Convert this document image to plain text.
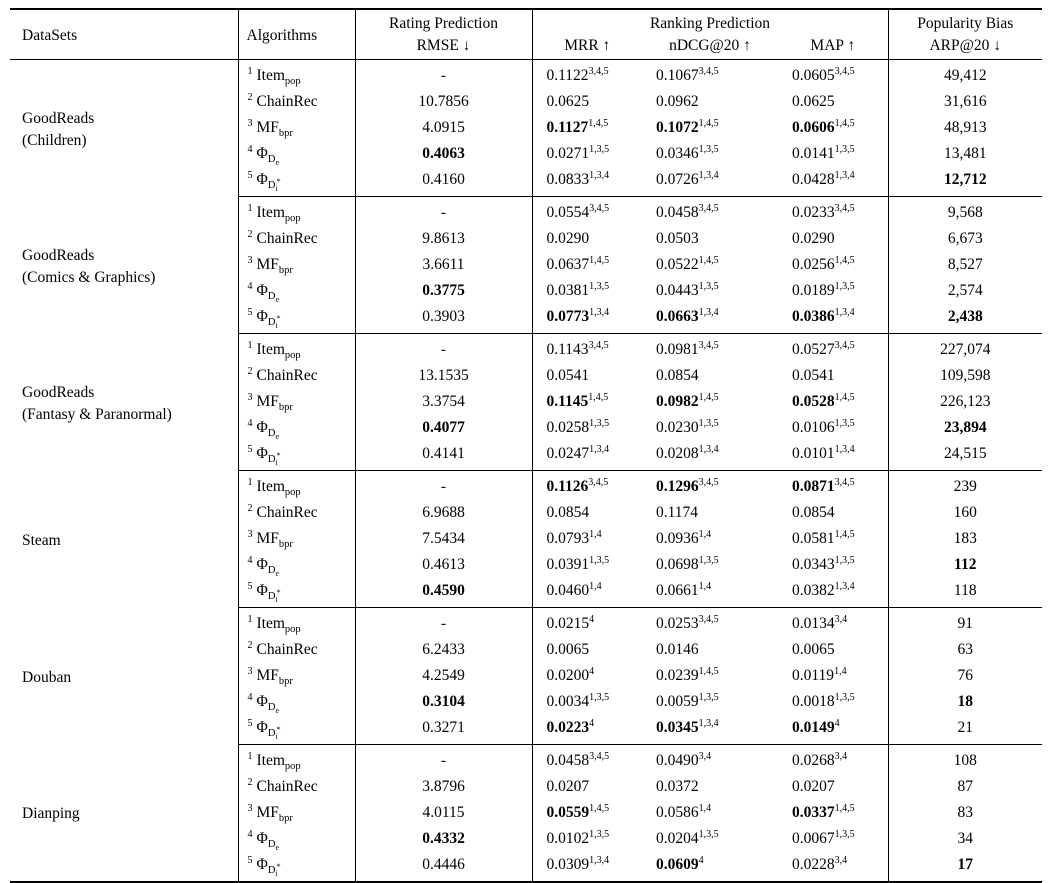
DataSets	Algorithms	Rating Prediction	Ranking Prediction			Popularity Bias
		RMSE ↓	MRR ↑	nDCG@20 ↑	MAP ↑	ARP@20 ↓

GoodReads
(Children)	$^1$ Item$_{pop}$	-	0.1122$^{3,4,5}$	0.1067$^{3,4,5}$	0.0605$^{3,4,5}$	49,412
	$^2$ ChainRec	10.7856	0.0625	0.0962	0.0625	31,616
	$^3$ $MF_{bpr}$	4.0915	0.1127$^{1,4,5}$	0.1072$^{1,4,5}$	0.0606$^{1,4,5}$	48,913
	$^4$ $\Phi_{D_e}$	0.4063	0.0271$^{1,3,5}$	0.0346$^{1,3,5}$	0.0141$^{1,3,5}$	13,481
	$^5$ $\Phi_{D_i^*}$	0.4160	0.0833$^{1,3,4}$	0.0726$^{1,3,4}$	0.0428$^{1,3,4}$	12,712

GoodReads
(Comics & Graphics)	$^1$ Item$_{pop}$	-	0.0554$^{3,4,5}$	0.0458$^{3,4,5}$	0.0233$^{3,4,5}$	9,568
	$^2$ ChainRec	9.8613	0.0290	0.0503	0.0290	6,673
	$^3$ $MF_{bpr}$	3.6611	0.0637$^{1,4,5}$	0.0522$^{1,4,5}$	0.0256$^{1,4,5}$	8,527
	$^4$ $\Phi_{D_e}$	0.3775	0.0381$^{1,3,5}$	0.0443$^{1,3,5}$	0.0189$^{1,3,5}$	2,574
	$^5$ $\Phi_{D_i^*}$	0.3903	0.0773$^{1,3,4}$	0.0663$^{1,3,4}$	0.0386$^{1,3,4}$	2,438

GoodReads
(Fantasy & Paranormal)	$^1$ Item$_{pop}$	-	0.1143$^{3,4,5}$	0.0981$^{3,4,5}$	0.0527$^{3,4,5}$	227,074
	$^2$ ChainRec	13.1535	0.0541	0.0854	0.0541	109,598
	$^3$ $MF_{bpr}$	3.3754	0.1145$^{1,4,5}$	0.0982$^{1,4,5}$	0.0528$^{1,4,5}$	226,123
	$^4$ $\Phi_{D_e}$	0.4077	0.0258$^{1,3,5}$	0.0230$^{1,3,5}$	0.0106$^{1,3,5}$	23,894
	$^5$ $\Phi_{D_i^*}$	0.4141	0.0247$^{1,3,4}$	0.0208$^{1,3,4}$	0.0101$^{1,3,4}$	24,515

Steam	$^1$ Item$_{pop}$	-	0.1126$^{3,4,5}$	0.1296$^{3,4,5}$	0.0871$^{3,4,5}$	239
	$^2$ ChainRec	6.9688	0.0854	0.1174	0.0854	160
	$^3$ $MF_{bpr}$	7.5434	0.0793$^{1,4}$	0.0936$^{1,4}$	0.0581$^{1,4,5}$	183
	$^4$ $\Phi_{D_e}$	0.4613	0.0391$^{1,3,5}$	0.0698$^{1,3,5}$	0.0343$^{1,3,5}$	112
	$^5$ $\Phi_{D_i^*}$	0.4590	0.0460$^{1,4}$	0.0661$^{1,4}$	0.0382$^{1,3,4}$	118

Douban	$^1$ Item$_{pop}$	-	0.0215$^4$	0.0253$^{3,4,5}$	0.0134$^{3,4}$	91
	$^2$ ChainRec	6.2433	0.0065	0.0146	0.0065	63
	$^3$ $MF_{bpr}$	4.2549	0.0200$^4$	0.0239$^{1,4,5}$	0.0119$^{1,4}$	76
	$^4$ $\Phi_{D_e}$	0.3104	0.0034$^{1,3,5}$	0.0059$^{1,3,5}$	0.0018$^{1,3,5}$	18
	$^5$ $\Phi_{D_i^*}$	0.3271	0.0223$^4$	0.0345$^{1,3,4}$	0.0149$^4$	21

Dianping	$^1$ Item$_{pop}$	-	0.0458$^{3,4,5}$	0.0490$^{3,4}$	0.0268$^{3,4}$	108
	$^2$ ChainRec	3.8796	0.0207	0.0372	0.0207	87
	$^3$ $MF_{bpr}$	4.0115	0.0559$^{1,4,5}$	0.0586$^{1,4}$	0.0337$^{1,4,5}$	83
	$^4$ $\Phi_{D_e}$	0.4332	0.0102$^{1,3,5}$	0.0204$^{1,3,5}$	0.0067$^{1,3,5}$	34
	$^5$ $\Phi_{D_i^*}$	0.4446	0.0309$^{1,3,4}$	0.0609$^4$	0.0228$^{3,4}$	17
